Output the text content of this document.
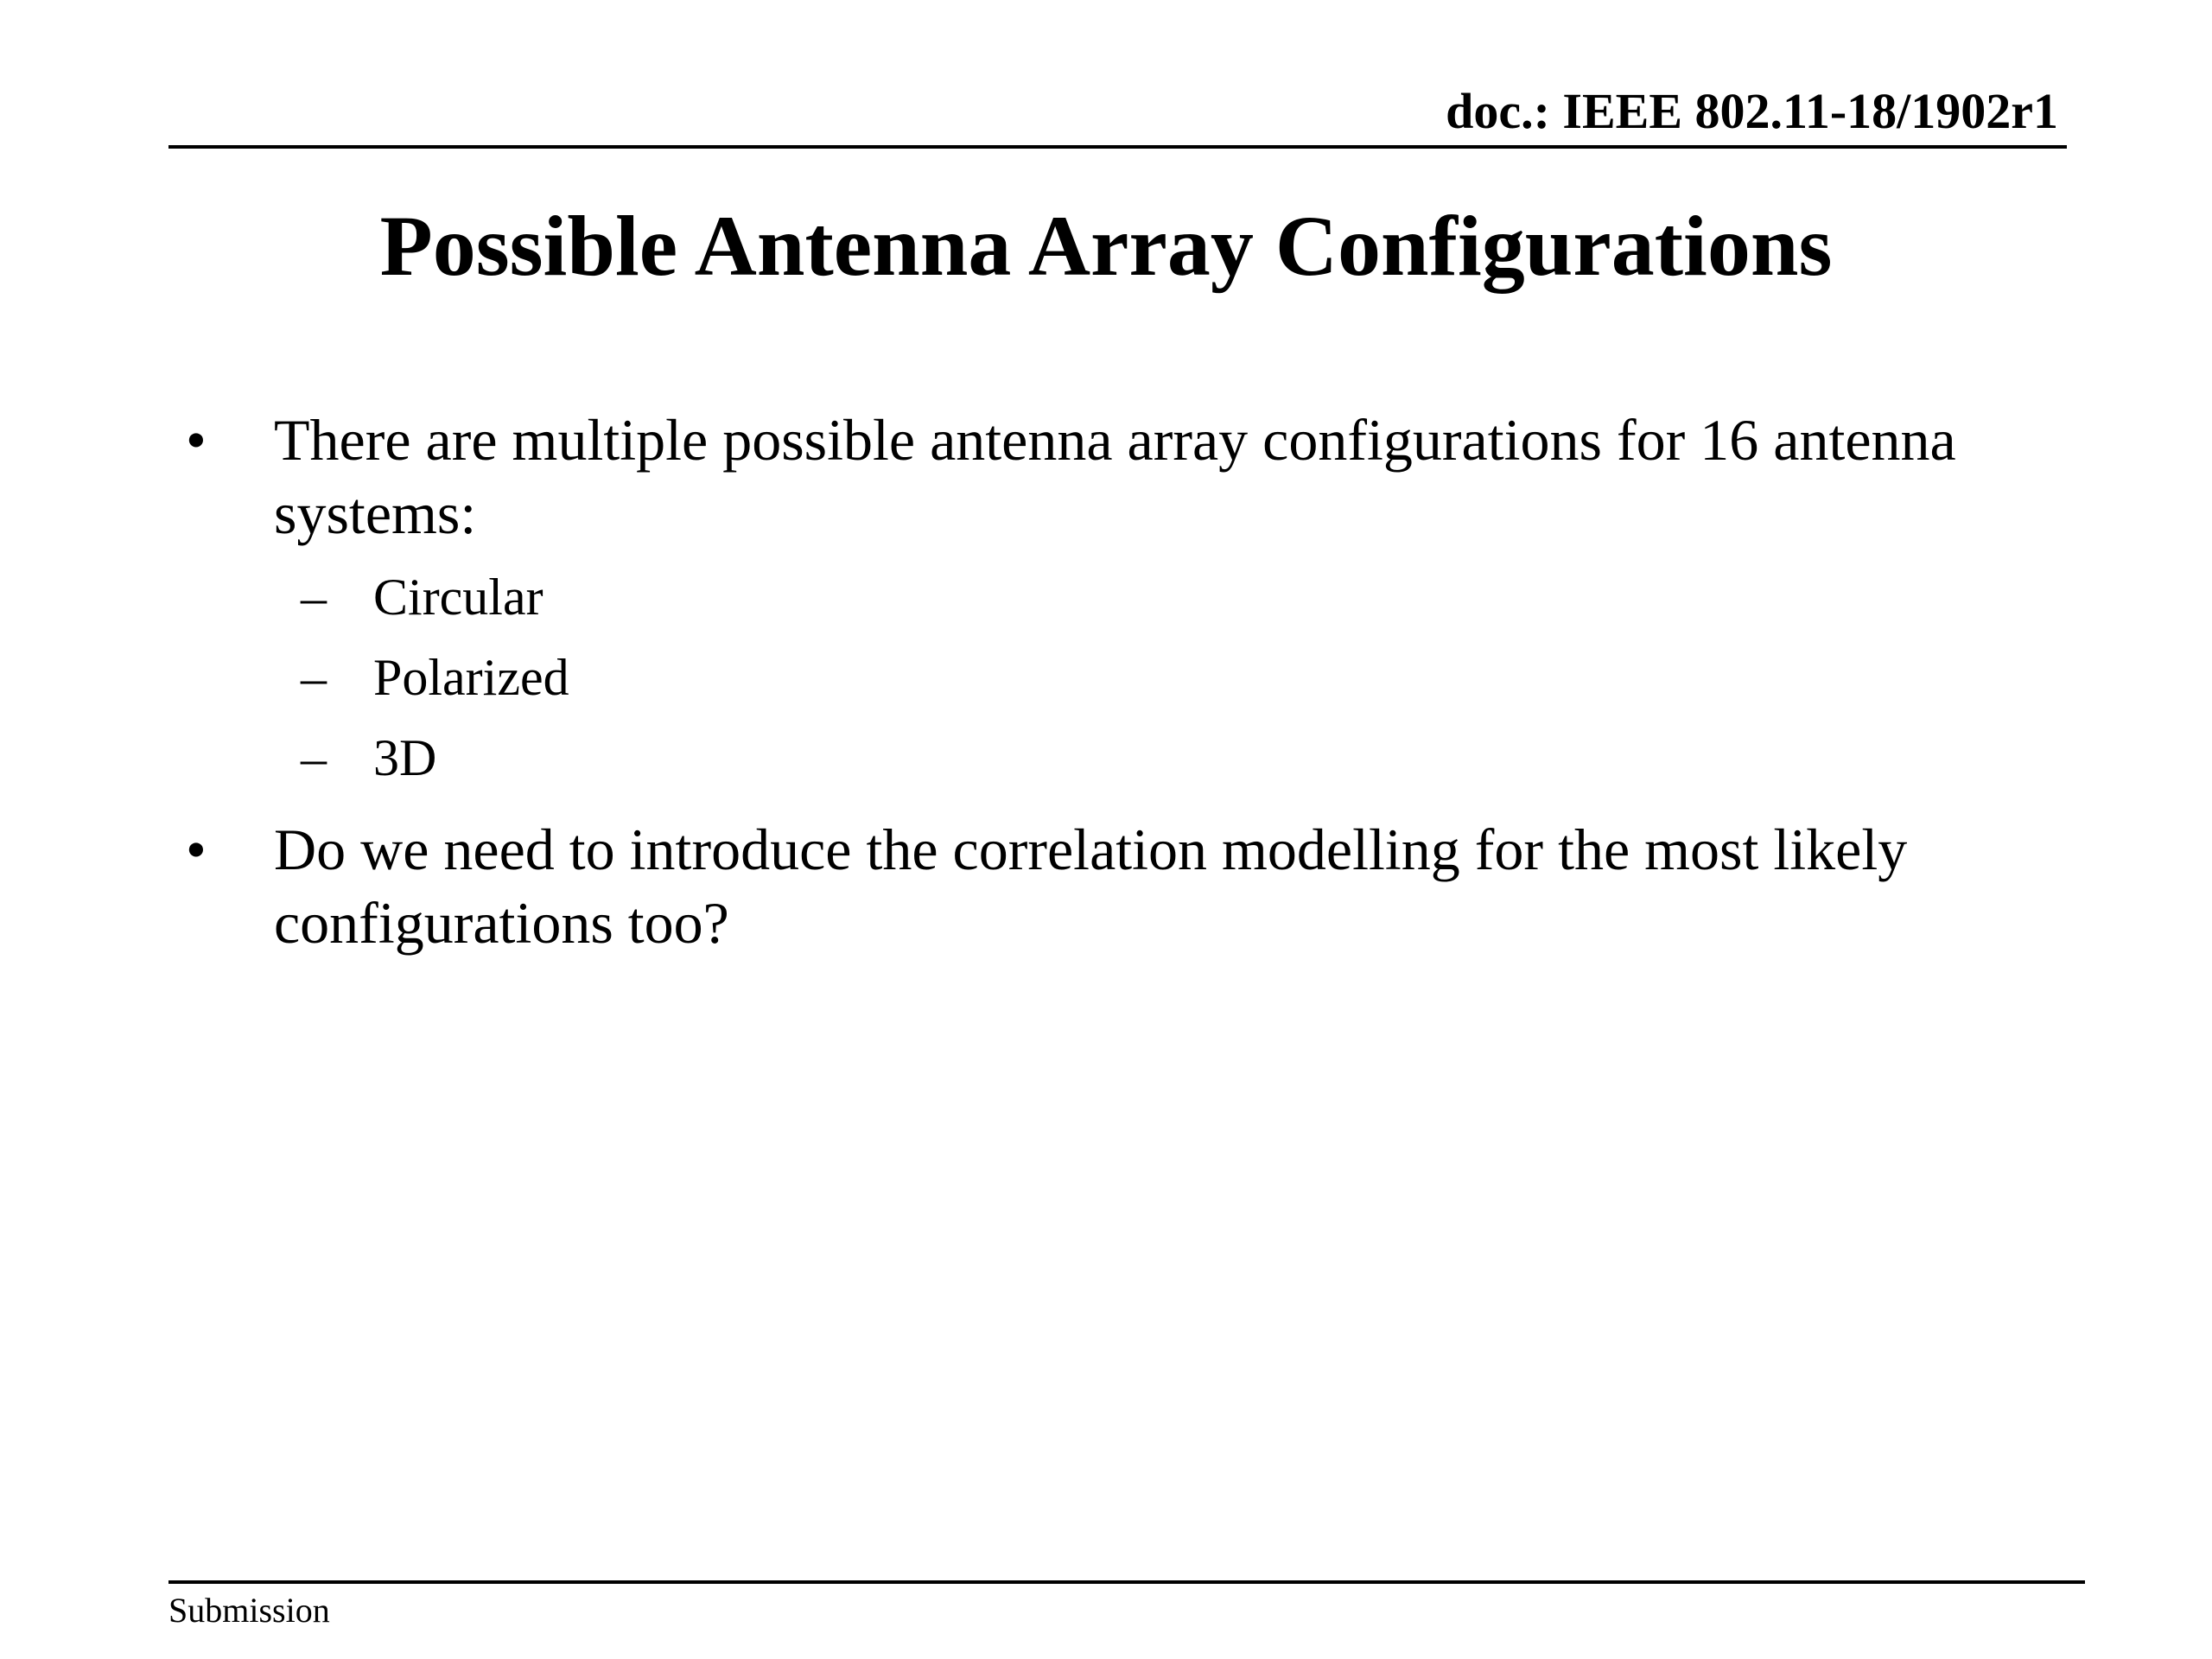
doc.: IEEE 802.11-18/1902r1
Possible Antenna Array Configurations
• There are multiple possible antenna array configurations for 16 antenna systems:
– Circular
– Polarized
– 3D
• Do we need to introduce the correlation modelling for the most likely configurations too?
Submission
